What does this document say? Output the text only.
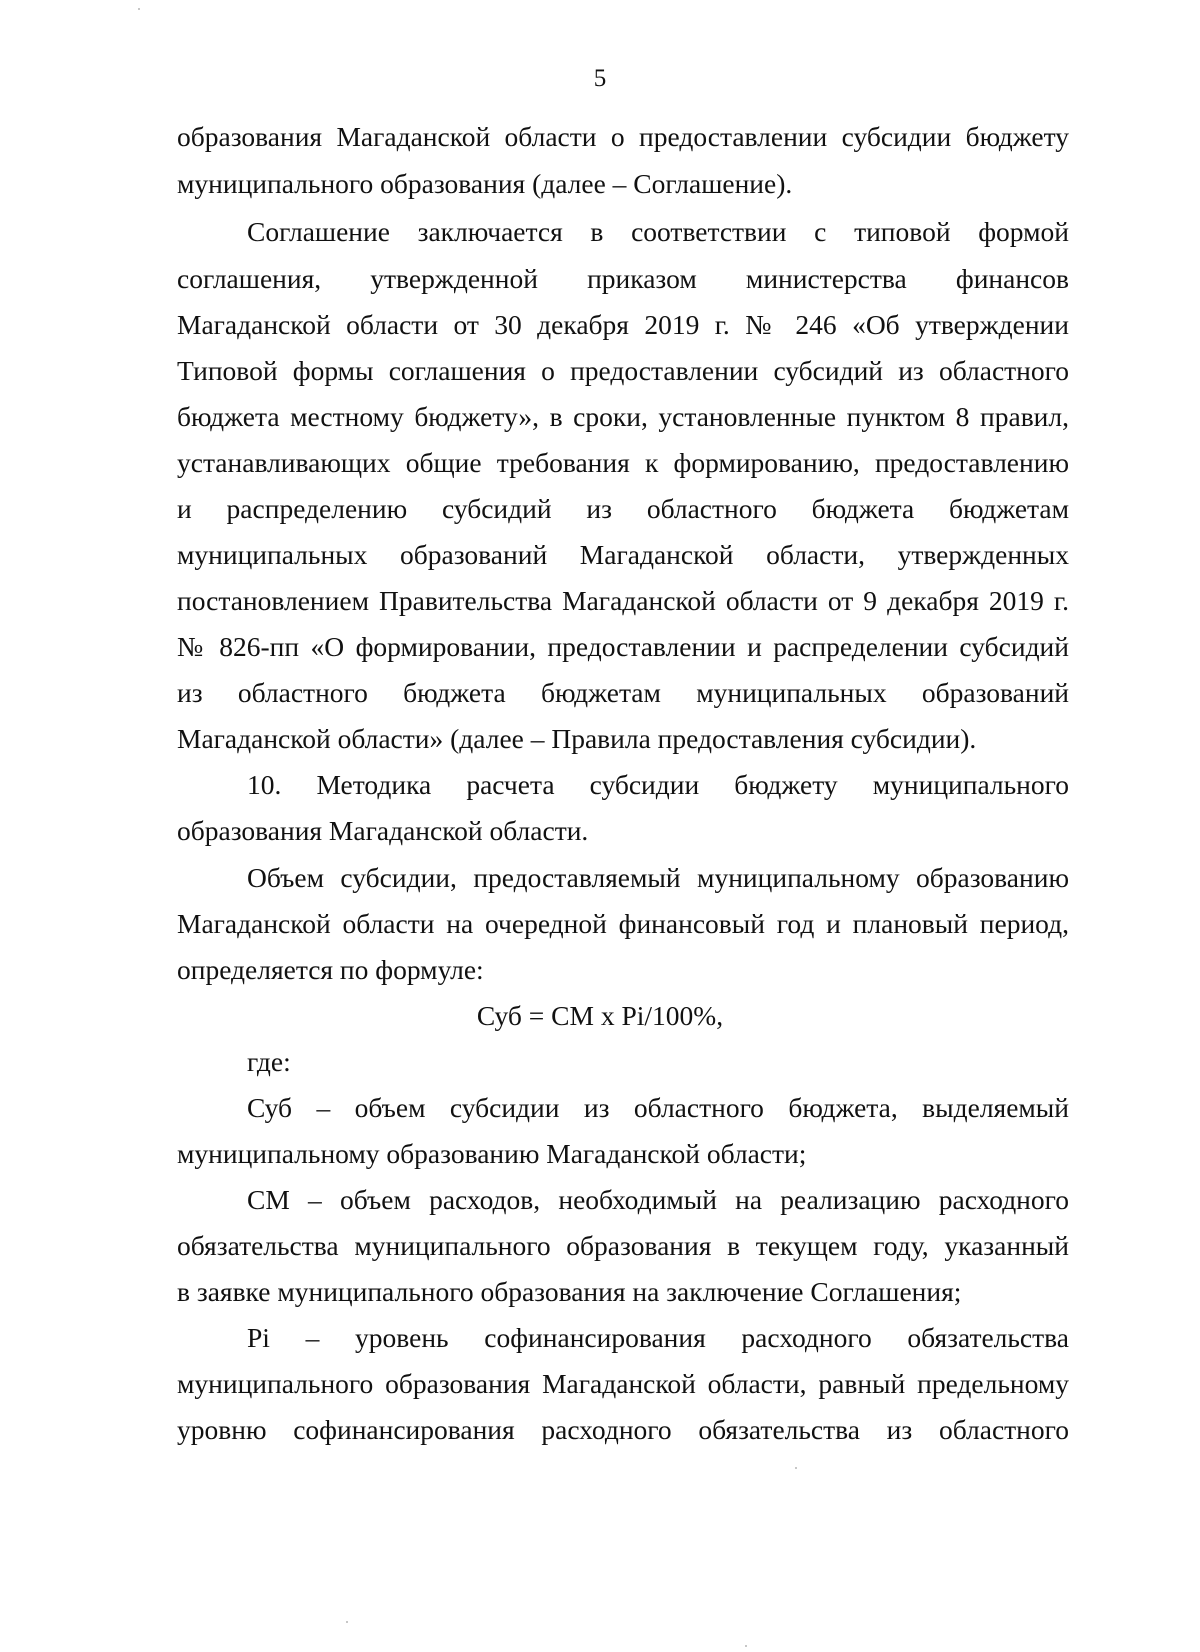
5
образования Магаданской области о предоставлении субсидии бюджету
муниципального образования (далее – Соглашение).
Соглашение заключается в соответствии с типовой формой
соглашения, утвержденной приказом министерства финансов
Магаданской области от 30 декабря 2019 г. № 246 «Об утверждении
Типовой формы соглашения о предоставлении субсидий из областного
бюджета местному бюджету», в сроки, установленные пунктом 8 правил,
устанавливающих общие требования к формированию, предоставлению
и распределению субсидий из областного бюджета бюджетам
муниципальных образований Магаданской области, утвержденных
постановлением Правительства Магаданской области от 9 декабря 2019 г.
№ 826-пп «О формировании, предоставлении и распределении субсидий
из областного бюджета бюджетам муниципальных образований
Магаданской области» (далее – Правила предоставления субсидии).
10. Методика расчета субсидии бюджету муниципального
образования Магаданской области.
Объем субсидии, предоставляемый муниципальному образованию
Магаданской области на очередной финансовый год и плановый период,
определяется по формуле:
Суб = СМ х Pi/100%,
где:
Суб – объем субсидии из областного бюджета, выделяемый
муниципальному образованию Магаданской области;
СМ – объем расходов, необходимый на реализацию расходного
обязательства муниципального образования в текущем году, указанный
в заявке муниципального образования на заключение Соглашения;
Pi – уровень софинансирования расходного обязательства
муниципального образования Магаданской области, равный предельному
уровню софинансирования расходного обязательства из областного
